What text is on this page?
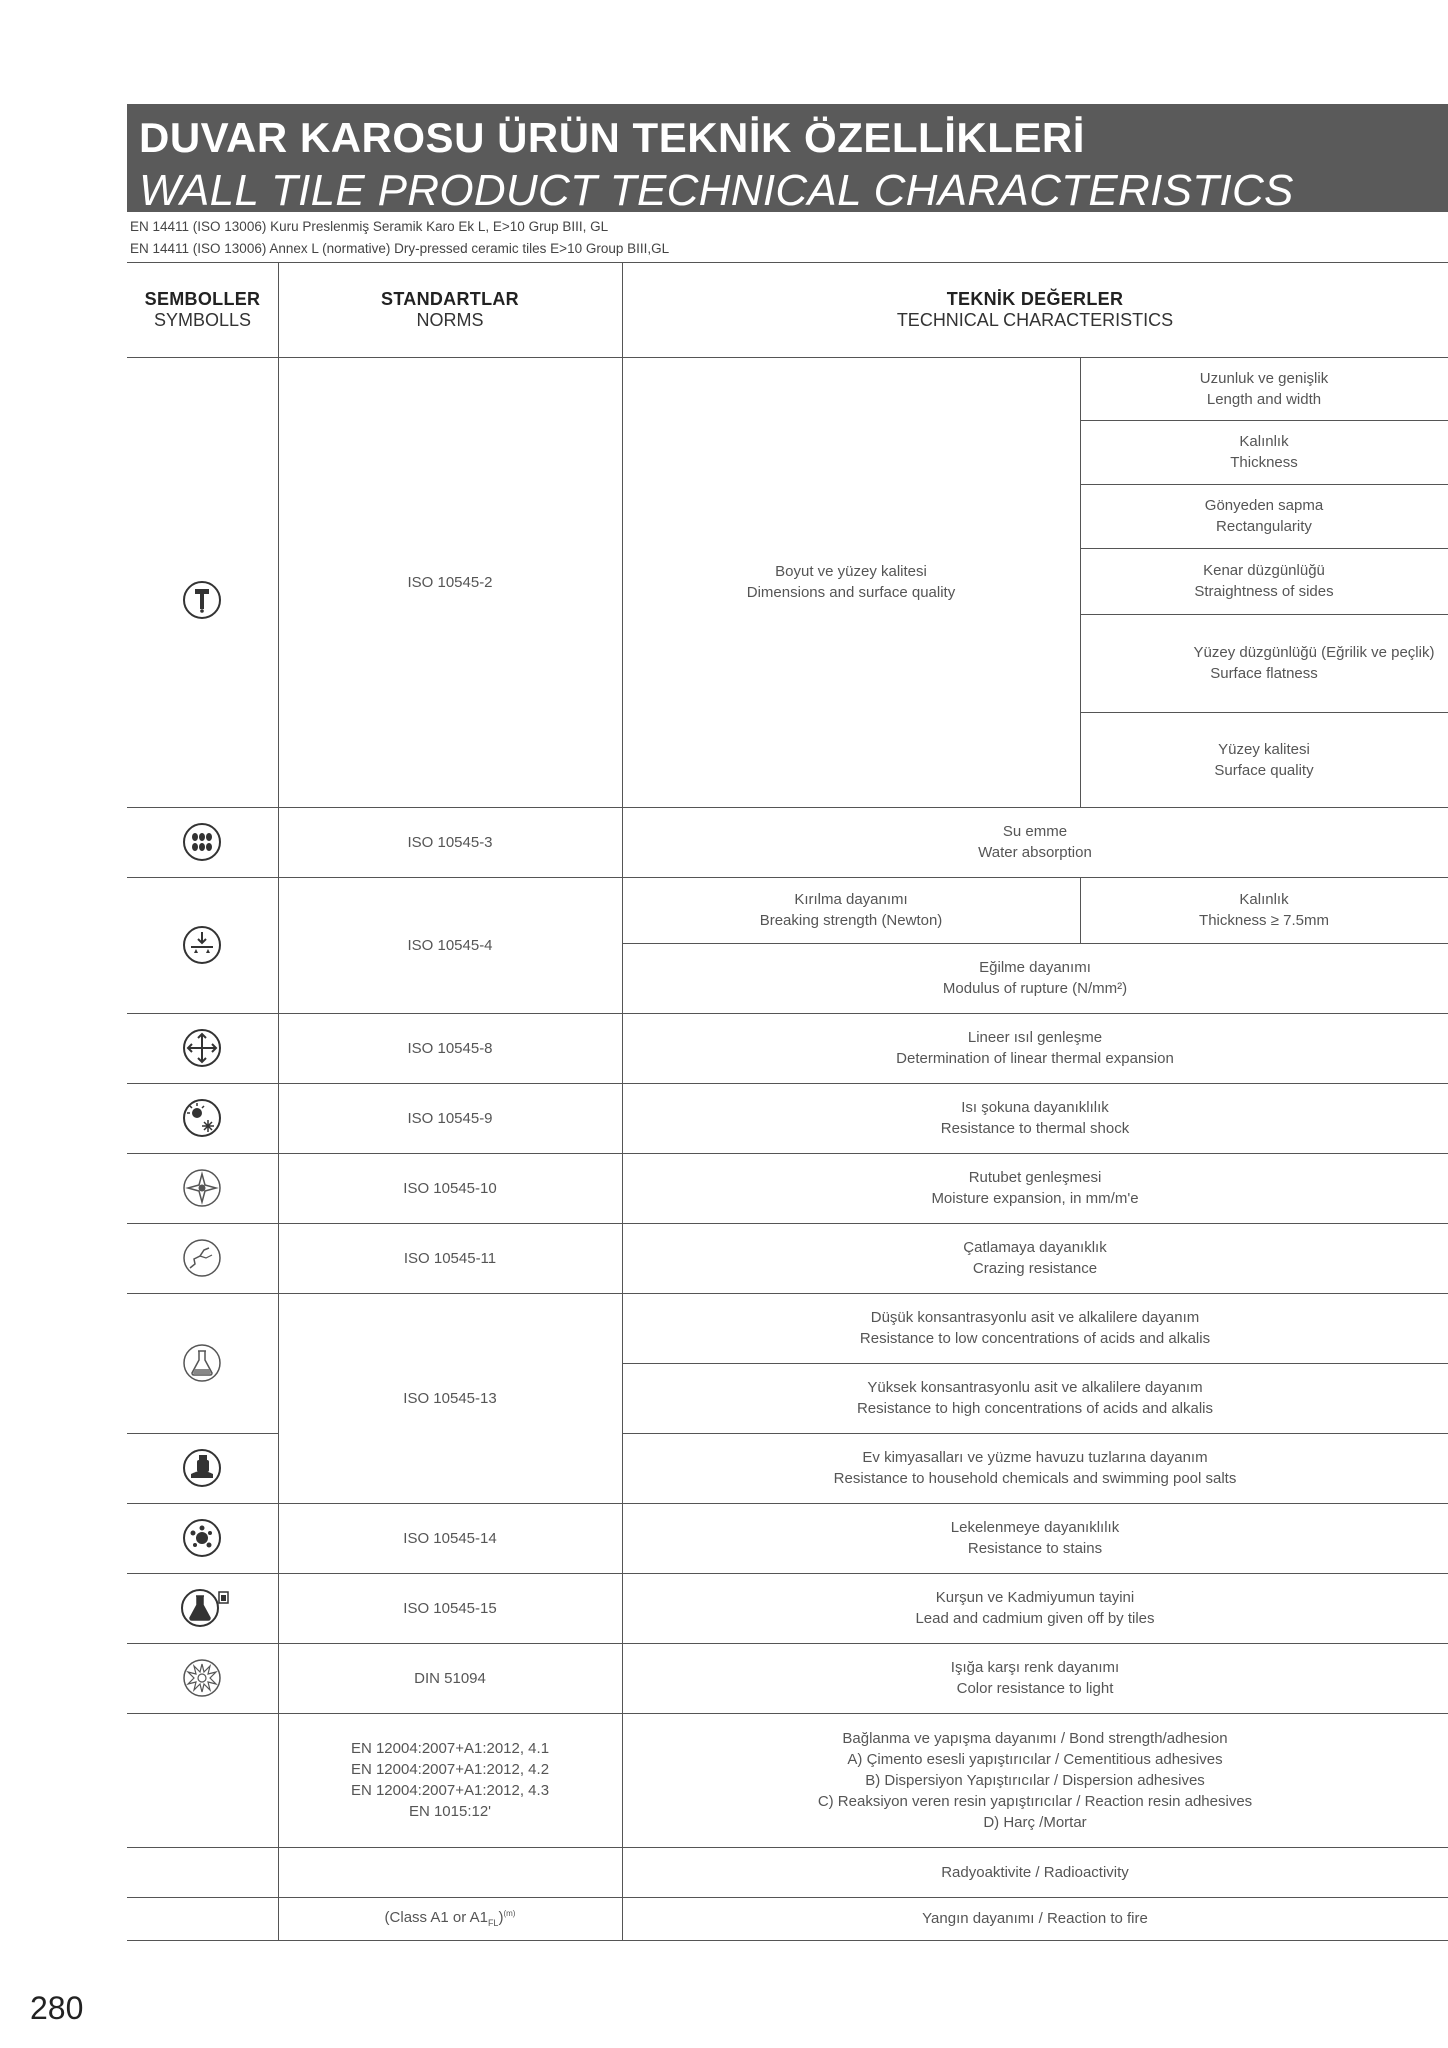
DUVAR KAROSU ÜRÜN TEKNİK ÖZELLİKLERİ
WALL TILE PRODUCT TECHNICAL CHARACTERISTICS
EN 14411 (ISO 13006) Kuru Preslenmiş Seramik Karo Ek L, E>10 Grup BIII, GL
EN 14411 (ISO 13006) Annex L (normative) Dry-pressed ceramic tiles E>10 Group BIII,GL
SEMBOLLER
SYMBOLLS
STANDARTLAR
NORMS
TEKNİK DEĞERLER
TECHNICAL CHARACTERISTICS
ISO 10545-2
Boyut ve yüzey kalitesi
Dimensions and surface quality
Uzunluk ve genişlik
Length and width
Kalınlık
Thickness
Gönyeden sapma
Rectangularity
Kenar düzgünlüğü
Straightness of sides
Yüzey düzgünlüğü (Eğrilik ve peçlik)
Surface flatness
Yüzey kalitesi
Surface quality
ISO 10545-3
Su emme
Water absorption
ISO 10545-4
Kırılma dayanımı
Breaking strength (Newton)
Kalınlık
Thickness ≥ 7.5mm
Eğilme dayanımı
Modulus of rupture (N/mm²)
ISO 10545-8
Lineer ısıl genleşme
Determination of linear thermal expansion
ISO 10545-9
Isı şokuna dayanıklılık
Resistance to thermal shock
ISO 10545-10
Rutubet genleşmesi
Moisture expansion, in mm/m'e
ISO 10545-11
Çatlamaya dayanıklık
Crazing resistance
ISO 10545-13
Düşük konsantrasyonlu asit ve alkalilere dayanım
Resistance to low concentrations of acids and alkalis
Yüksek konsantrasyonlu asit ve alkalilere dayanım
Resistance to high concentrations of acids and alkalis
Ev kimyasalları ve yüzme havuzu tuzlarına dayanım
Resistance to household chemicals and swimming pool salts
ISO 10545-14
Lekelenmeye dayanıklılık
Resistance to stains
ISO 10545-15
Kurşun ve Kadmiyumun tayini
Lead and cadmium given off by tiles
DIN 51094
Işığa karşı renk dayanımı
Color resistance to light
EN 12004:2007+A1:2012, 4.1
EN 12004:2007+A1:2012, 4.2
EN 12004:2007+A1:2012, 4.3
EN 1015:12'
Bağlanma ve yapışma dayanımı / Bond strength/adhesion
A) Çimento esesli yapıştırıcılar / Cementitious adhesives
B) Dispersiyon Yapıştırıcılar / Dispersion adhesives
C) Reaksiyon veren resin yapıştırıcılar / Reaction resin adhesives
D) Harç /Mortar
Radyoaktivite / Radioactivity
(Class A1 or $A1_{FL})^{(m)}$	Yangın dayanımı / Reaction to fire
280
